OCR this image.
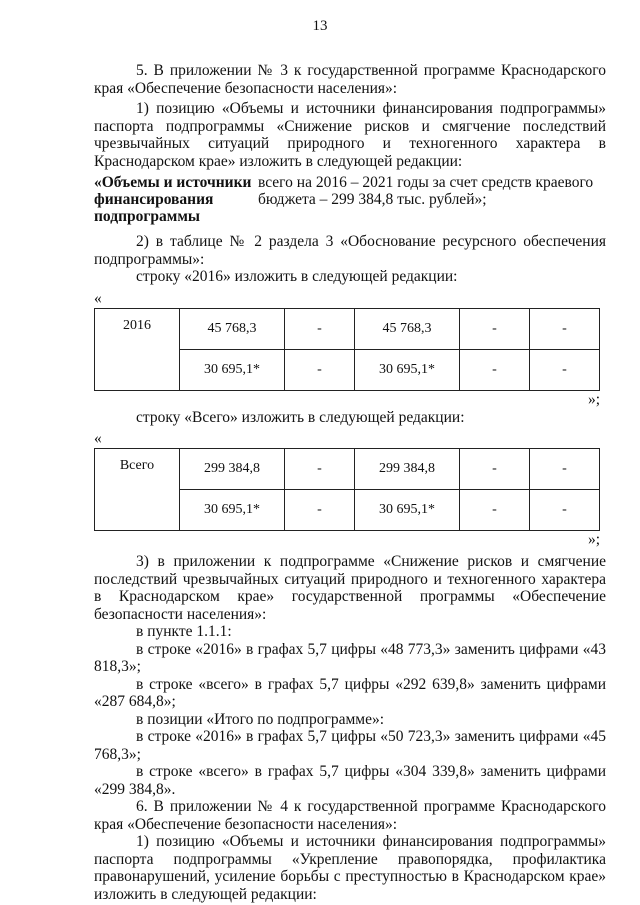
13

5. В приложении № 3 к государственной программе Краснодарского края «Обеспечение безопасности населения»:

1) позицию «Объемы и источники финансирования подпрограммы» паспорта подпрограммы «Снижение рисков и смягчение последствий чрезвычайных ситуаций природного и техногенного характера в Краснодарском крае» изложить в следующей редакции:

«Объемы и источники
финансирования
подпрограммы
всего на 2016 – 2021 годы за счет средств краевого бюджета – 299 384,8 тыс. рублей»;

2) в таблице № 2 раздела 3 «Обоснование ресурсного обеспечения подпрограммы»:

строку «2016» изложить в следующей редакции:

«
2016	45 768,3	-	45 768,3	-	-
	30 695,1*	-	30 695,1*	-	-
»;

строку «Всего» изложить в следующей редакции:

«
Всего	299 384,8	-	299 384,8	-	-
	30 695,1*	-	30 695,1*	-	-
»;

3) в приложении к подпрограмме «Снижение рисков и смягчение последствий чрезвычайных ситуаций природного и техногенного характера в Краснодарском крае» государственной программы «Обеспечение безопасности населения»:

в пункте 1.1.1:

в строке «2016» в графах 5,7 цифры «48 773,3» заменить цифрами «43 818,3»;

в строке «всего» в графах 5,7 цифры «292 639,8» заменить цифрами «287 684,8»;

в позиции «Итого по подпрограмме»:

в строке «2016» в графах 5,7 цифры «50 723,3» заменить цифрами «45 768,3»;

в строке «всего» в графах 5,7 цифры «304 339,8» заменить цифрами «299 384,8».

6. В приложении № 4 к государственной программе Краснодарского края «Обеспечение безопасности населения»:

1) позицию «Объемы и источники финансирования подпрограммы» паспорта подпрограммы «Укрепление правопорядка, профилактика правонарушений, усиление борьбы с преступностью в Краснодарском крае» изложить в следующей редакции:
